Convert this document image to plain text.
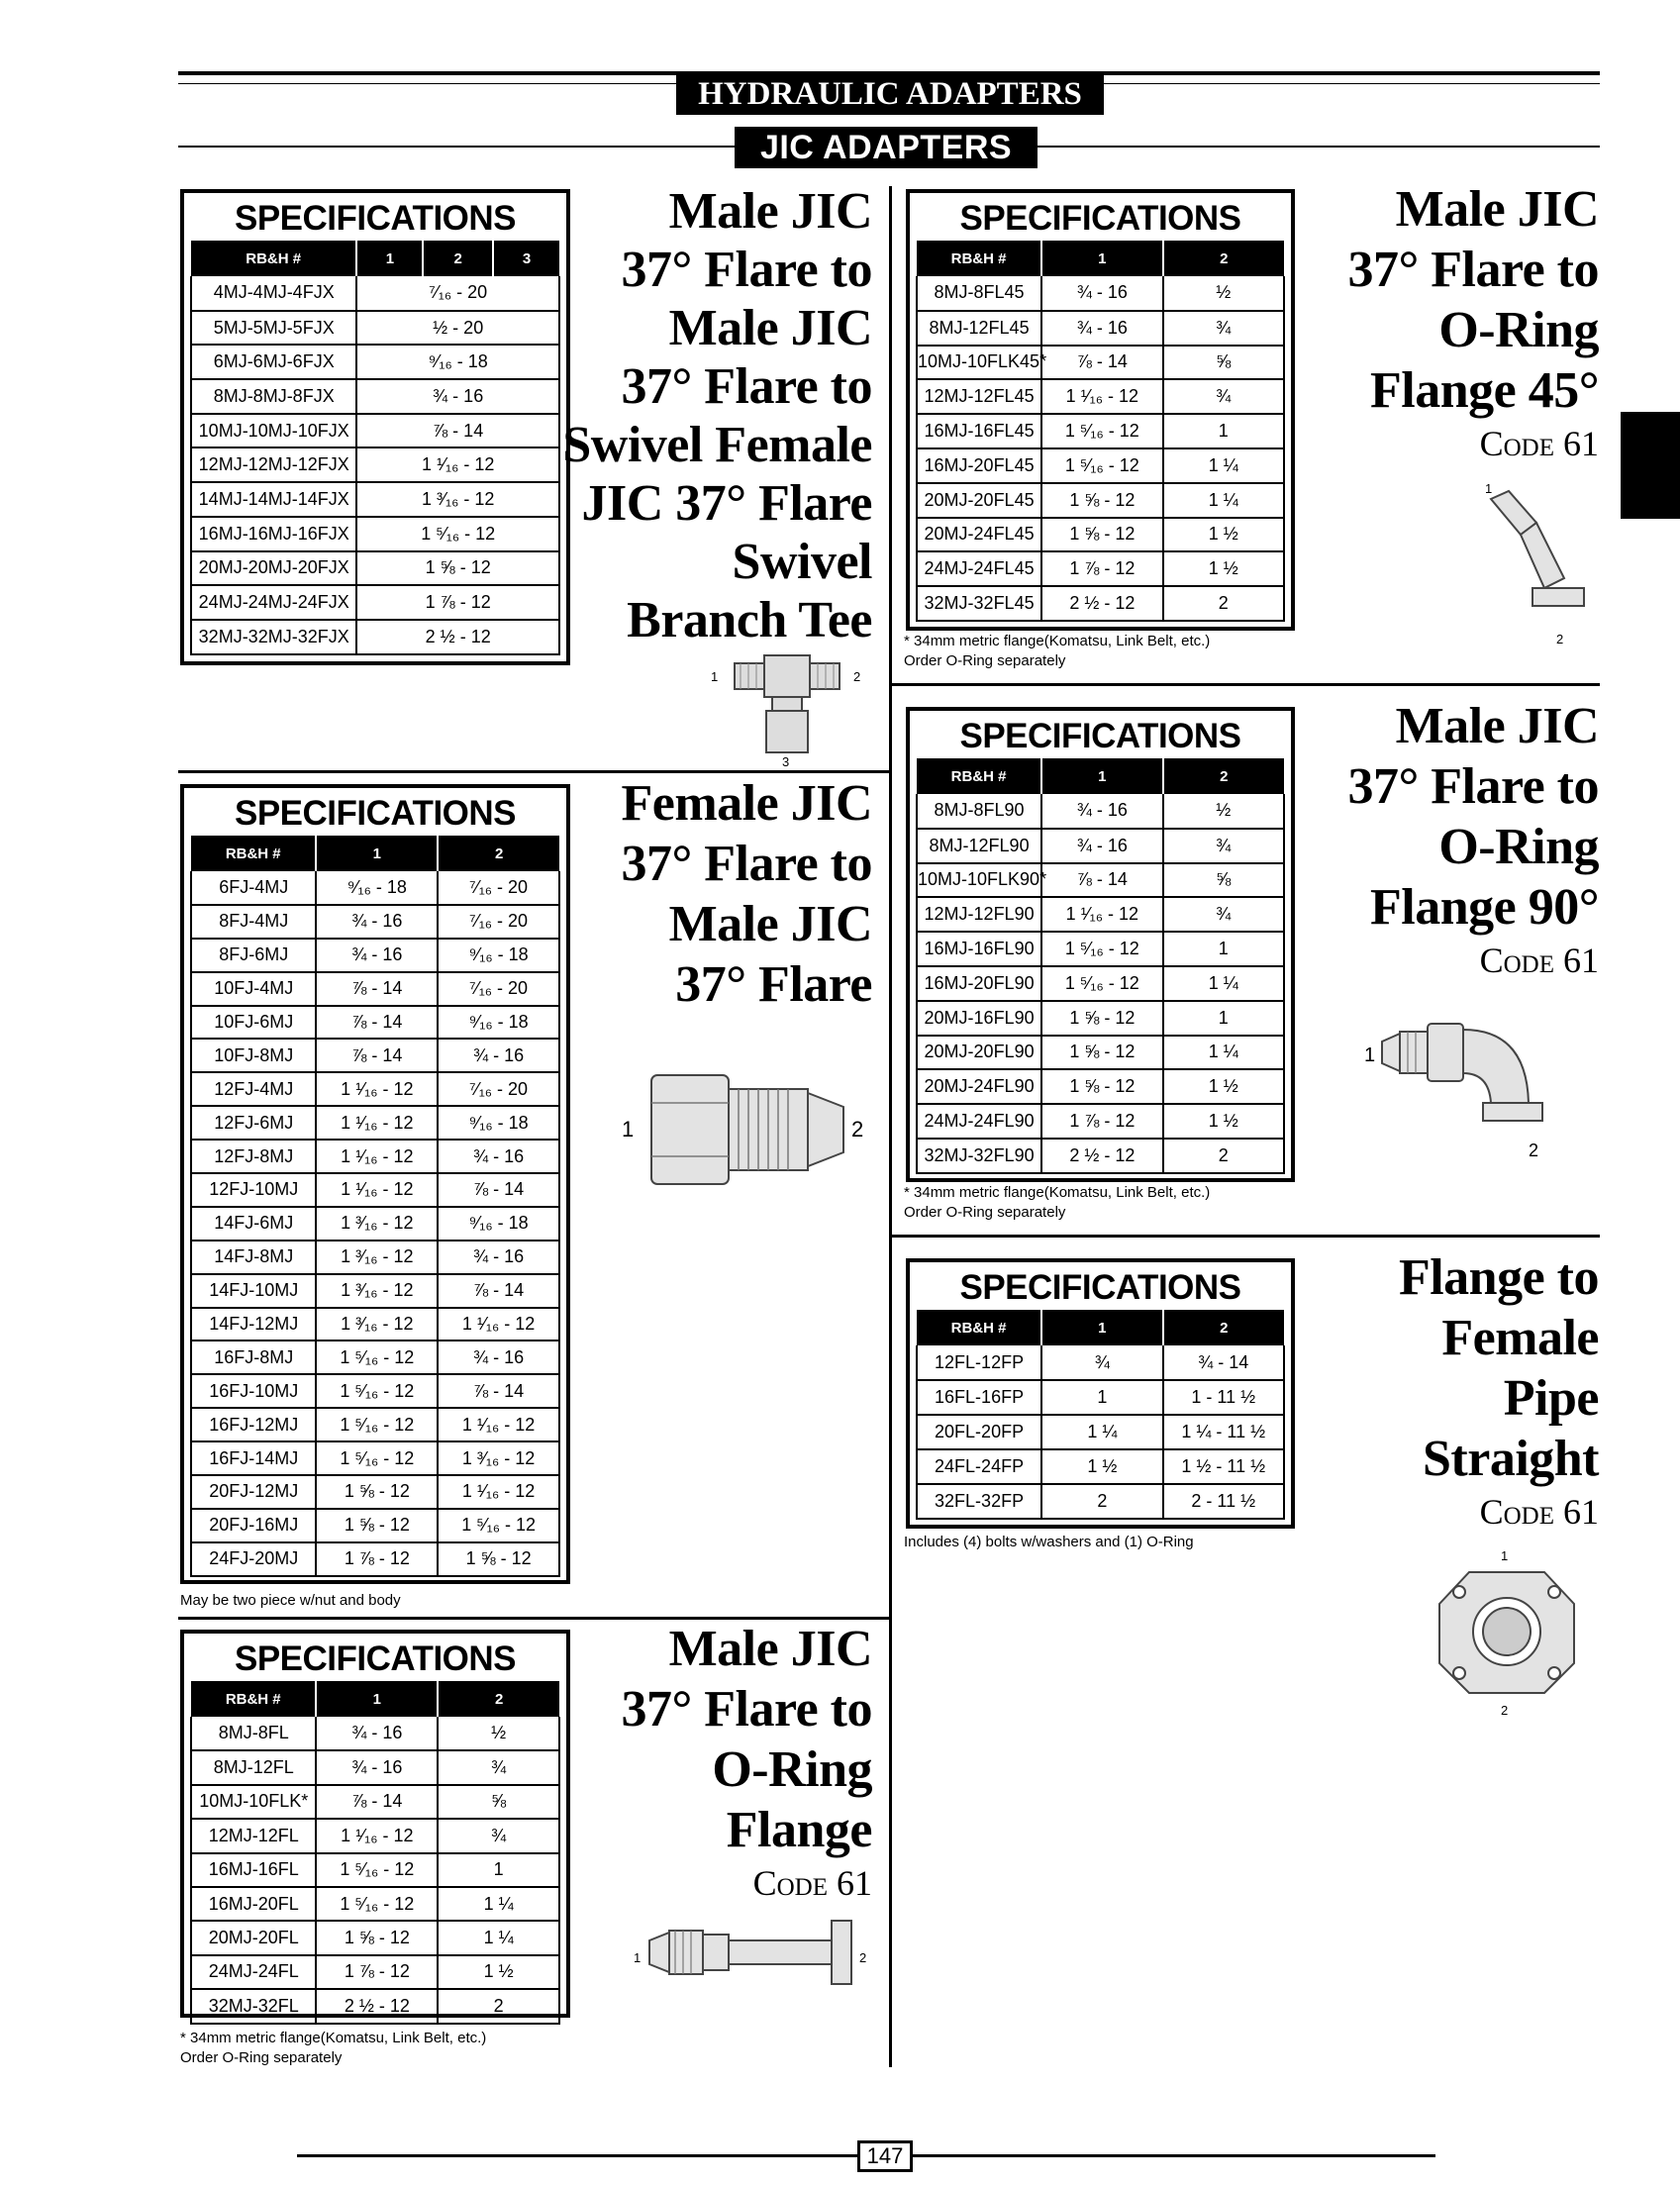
HYDRAULIC ADAPTERS
JIC ADAPTERS
SPECIFICATIONS
RB&H #	1	2	3
4MJ-4MJ-4FJX	⁷⁄₁₆ - 20		
5MJ-5MJ-5FJX	½ - 20		
6MJ-6MJ-6FJX	⁹⁄₁₆ - 18		
8MJ-8MJ-8FJX	¾ - 16		
10MJ-10MJ-10FJX	⅞ - 14		
12MJ-12MJ-12FJX	1 ¹⁄₁₆ - 12		
14MJ-14MJ-14FJX	1 ³⁄₁₆ - 12		
16MJ-16MJ-16FJX	1 ⁵⁄₁₆ - 12		
20MJ-20MJ-20FJX	1 ⅝ - 12		
24MJ-24MJ-24FJX	1 ⅞ - 12		
32MJ-32MJ-32FJX	2 ½ - 12		
Male JIC
37° Flare to
Male JIC
37° Flare to
Swivel Female
JIC 37° Flare
Swivel
Branch Tee
1	2
3
SPECIFICATIONS
RB&H #	1	2
6FJ-4MJ	⁹⁄₁₆ - 18	⁷⁄₁₆ - 20
8FJ-4MJ	¾ - 16	⁷⁄₁₆ - 20
8FJ-6MJ	¾ - 16	⁹⁄₁₆ - 18
10FJ-4MJ	⅞ - 14	⁷⁄₁₆ - 20
10FJ-6MJ	⅞ - 14	⁹⁄₁₆ - 18
10FJ-8MJ	⅞ - 14	¾ - 16
12FJ-4MJ	1 ¹⁄₁₆ - 12	⁷⁄₁₆ - 20
12FJ-6MJ	1 ¹⁄₁₆ - 12	⁹⁄₁₆ - 18
12FJ-8MJ	1 ¹⁄₁₆ - 12	¾ - 16
12FJ-10MJ	1 ¹⁄₁₆ - 12	⅞ - 14
14FJ-6MJ	1 ³⁄₁₆ - 12	⁹⁄₁₆ - 18
14FJ-8MJ	1 ³⁄₁₆ - 12	¾ - 16
14FJ-10MJ	1 ³⁄₁₆ - 12	⅞ - 14
14FJ-12MJ	1 ³⁄₁₆ - 12	1 ¹⁄₁₆ - 12
16FJ-8MJ	1 ⁵⁄₁₆ - 12	¾ - 16
16FJ-10MJ	1 ⁵⁄₁₆ - 12	⅞ - 14
16FJ-12MJ	1 ⁵⁄₁₆ - 12	1 ¹⁄₁₆ - 12
16FJ-14MJ	1 ⁵⁄₁₆ - 12	1 ³⁄₁₆ - 12
20FJ-12MJ	1 ⅝ - 12	1 ¹⁄₁₆ - 12
20FJ-16MJ	1 ⅝ - 12	1 ⁵⁄₁₆ - 12
24FJ-20MJ	1 ⅞ - 12	1 ⅝ - 12
May be two piece w/nut and body
Female JIC
37° Flare to
Male JIC
37° Flare
1	2
SPECIFICATIONS
RB&H #	1	2
8MJ-8FL	¾ - 16	½
8MJ-12FL	¾ - 16	¾
10MJ-10FLK*	⅞ - 14	⅝
12MJ-12FL	1 ¹⁄₁₆ - 12	¾
16MJ-16FL	1 ⁵⁄₁₆ - 12	1
16MJ-20FL	1 ⁵⁄₁₆ - 12	1 ¼
20MJ-20FL	1 ⅝ - 12	1 ¼
24MJ-24FL	1 ⅞ - 12	1 ½
32MJ-32FL	2 ½ - 12	2
* 34mm metric flange(Komatsu, Link Belt, etc.)
Order O-Ring separately
Male JIC
37° Flare to
O-Ring
Flange
Code 61
1	2
SPECIFICATIONS
RB&H #	1	2
8MJ-8FL45	¾ - 16	½
8MJ-12FL45	¾ - 16	¾
10MJ-10FLK45*	⅞ - 14	⅝
12MJ-12FL45	1 ¹⁄₁₆ - 12	¾
16MJ-16FL45	1 ⁵⁄₁₆ - 12	1
16MJ-20FL45	1 ⁵⁄₁₆ - 12	1 ¼
20MJ-20FL45	1 ⅝ - 12	1 ¼
20MJ-24FL45	1 ⅝ - 12	1 ½
24MJ-24FL45	1 ⅞ - 12	1 ½
32MJ-32FL45	2 ½ - 12	2
* 34mm metric flange(Komatsu, Link Belt, etc.)
Order O-Ring separately
Male JIC
37° Flare to
O-Ring
Flange 45°
Code 61
1
2
SPECIFICATIONS
RB&H #	1	2
8MJ-8FL90	¾ - 16	½
8MJ-12FL90	¾ - 16	¾
10MJ-10FLK90*	⅞ - 14	⅝
12MJ-12FL90	1 ¹⁄₁₆ - 12	¾
16MJ-16FL90	1 ⁵⁄₁₆ - 12	1
16MJ-20FL90	1 ⁵⁄₁₆ - 12	1 ¼
20MJ-16FL90	1 ⅝ - 12	1
20MJ-20FL90	1 ⅝ - 12	1 ¼
20MJ-24FL90	1 ⅝ - 12	1 ½
24MJ-24FL90	1 ⅞ - 12	1 ½
32MJ-32FL90	2 ½ - 12	2
* 34mm metric flange(Komatsu, Link Belt, etc.)
Order O-Ring separately
Male JIC
37° Flare to
O-Ring
Flange 90°
Code 61
1
2
SPECIFICATIONS
RB&H #	1	2
12FL-12FP	¾	¾ - 14
16FL-16FP	1	1 - 11 ½
20FL-20FP	1 ¼	1 ¼ - 11 ½
24FL-24FP	1 ½	1 ½ - 11 ½
32FL-32FP	2	2 - 11 ½
Includes (4) bolts w/washers and (1) O-Ring
Flange to
Female
Pipe
Straight
Code 61
1
2
147
